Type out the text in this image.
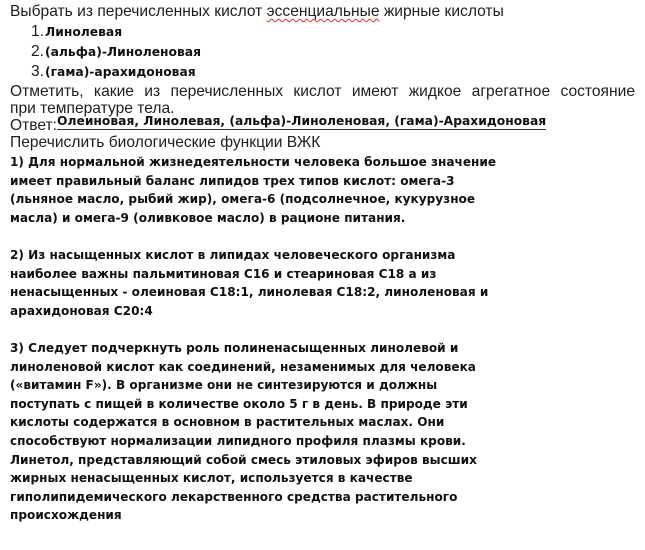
Выбрать из перечисленных кислот эссенциальные жирные кислоты

1. Линолевая
2. (альфа)-Линоленовая
3. (гама)-арахидоновая

Отметить, какие из перечисленных кислот имеют жидкое агрегатное состояние

при температуре тела.

Ответ: Олеиновая, Линолевая, (альфа)-Линоленовая, (гама)-Арахидоновая

Перечислить биологические функции ВЖК

1) Для нормальной жизнедеятельности человека большое значение
имеет правильный баланс липидов трех типов кислот: омега-3
(льняное масло, рыбий жир), омега-6 (подсолнечное, кукурузное
масла) и омега-9 (оливковое масло) в рационе питания.

2) Из насыщенных кислот в липидах человеческого организма
наиболее важны пальмитиновая С16 и стеариновая С18 а из
ненасыщенных - олеиновая С18:1, линолевая С18:2, линоленовая и
арахидоновая С20:4

3) Следует подчеркнуть роль полиненасыщенных линолевой и
линоленовой кислот как соединений, незаменимых для человека
(«витамин F»). В организме они не синтезируются и должны
поступать с пищей в количестве около 5 г в день. В природе эти
кислоты содержатся в основном в растительных маслах. Они
способствуют нормализации липидного профиля плазмы крови.
Линетол, представляющий собой смесь этиловых эфиров высших
жирных ненасыщенных кислот, используется в качестве
гиполипидемического лекарственного средства растительного
происхождения
